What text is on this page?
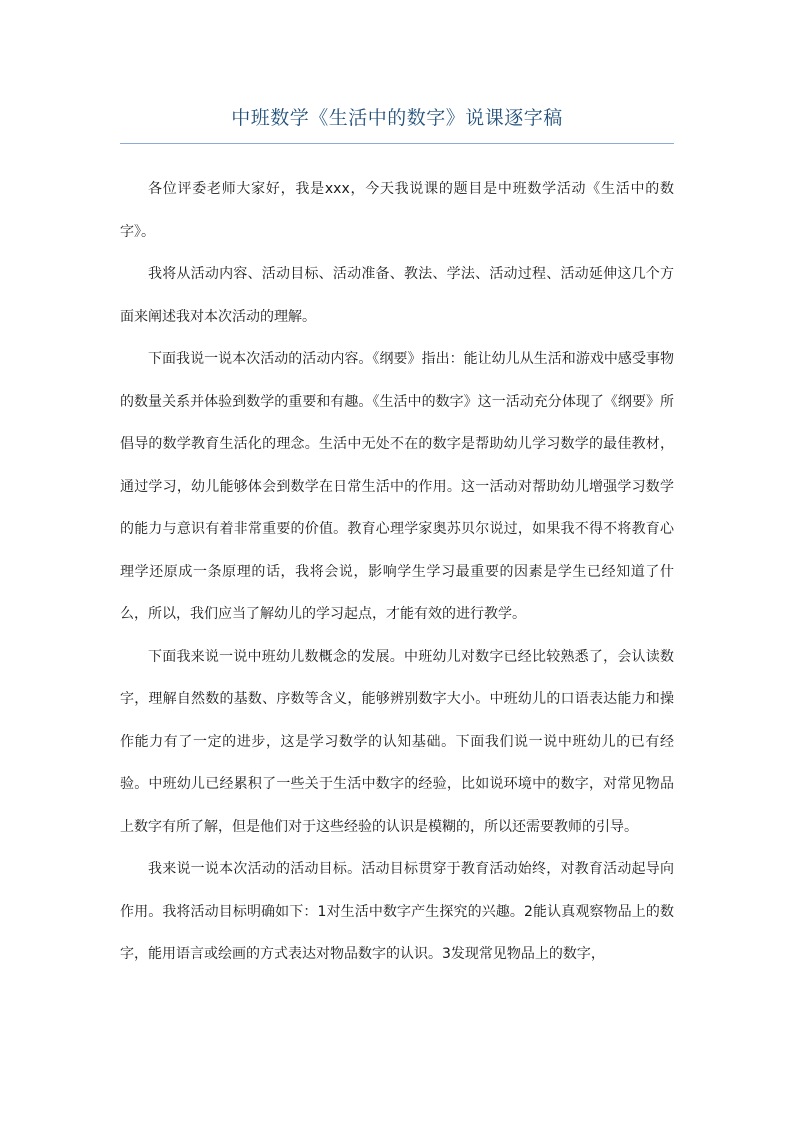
中班数学《生活中的数字》说课逐字稿

各位评委老师大家好，我是xxx，今天我说课的题目是中班数学活动《生活中的数字》。

我将从活动内容、活动目标、活动准备、教法、学法、活动过程、活动延伸这几个方面来阐述我对本次活动的理解。

下面我说一说本次活动的活动内容。《纲要》指出：能让幼儿从生活和游戏中感受事物的数量关系并体验到数学的重要和有趣。《生活中的数字》这一活动充分体现了《纲要》所倡导的数学教育生活化的理念。生活中无处不在的数字是帮助幼儿学习数学的最佳教材，通过学习，幼儿能够体会到数学在日常生活中的作用。这一活动对帮助幼儿增强学习数学的能力与意识有着非常重要的价值。教育心理学家奥苏贝尔说过，如果我不得不将教育心理学还原成一条原理的话，我将会说，影响学生学习最重要的因素是学生已经知道了什么，所以，我们应当了解幼儿的学习起点，才能有效的进行教学。

下面我来说一说中班幼儿数概念的发展。中班幼儿对数字已经比较熟悉了，会认读数字，理解自然数的基数、序数等含义，能够辨别数字大小。中班幼儿的口语表达能力和操作能力有了一定的进步，这是学习数学的认知基础。下面我们说一说中班幼儿的已有经验。中班幼儿已经累积了一些关于生活中数字的经验，比如说环境中的数字，对常见物品上数字有所了解，但是他们对于这些经验的认识是模糊的，所以还需要教师的引导。

我来说一说本次活动的活动目标。活动目标贯穿于教育活动始终，对教育活动起导向作用。我将活动目标明确如下：1对生活中数字产生探究的兴趣。2能认真观察物品上的数字，能用语言或绘画的方式表达对物品数字的认识。3发现常见物品上的数字，
